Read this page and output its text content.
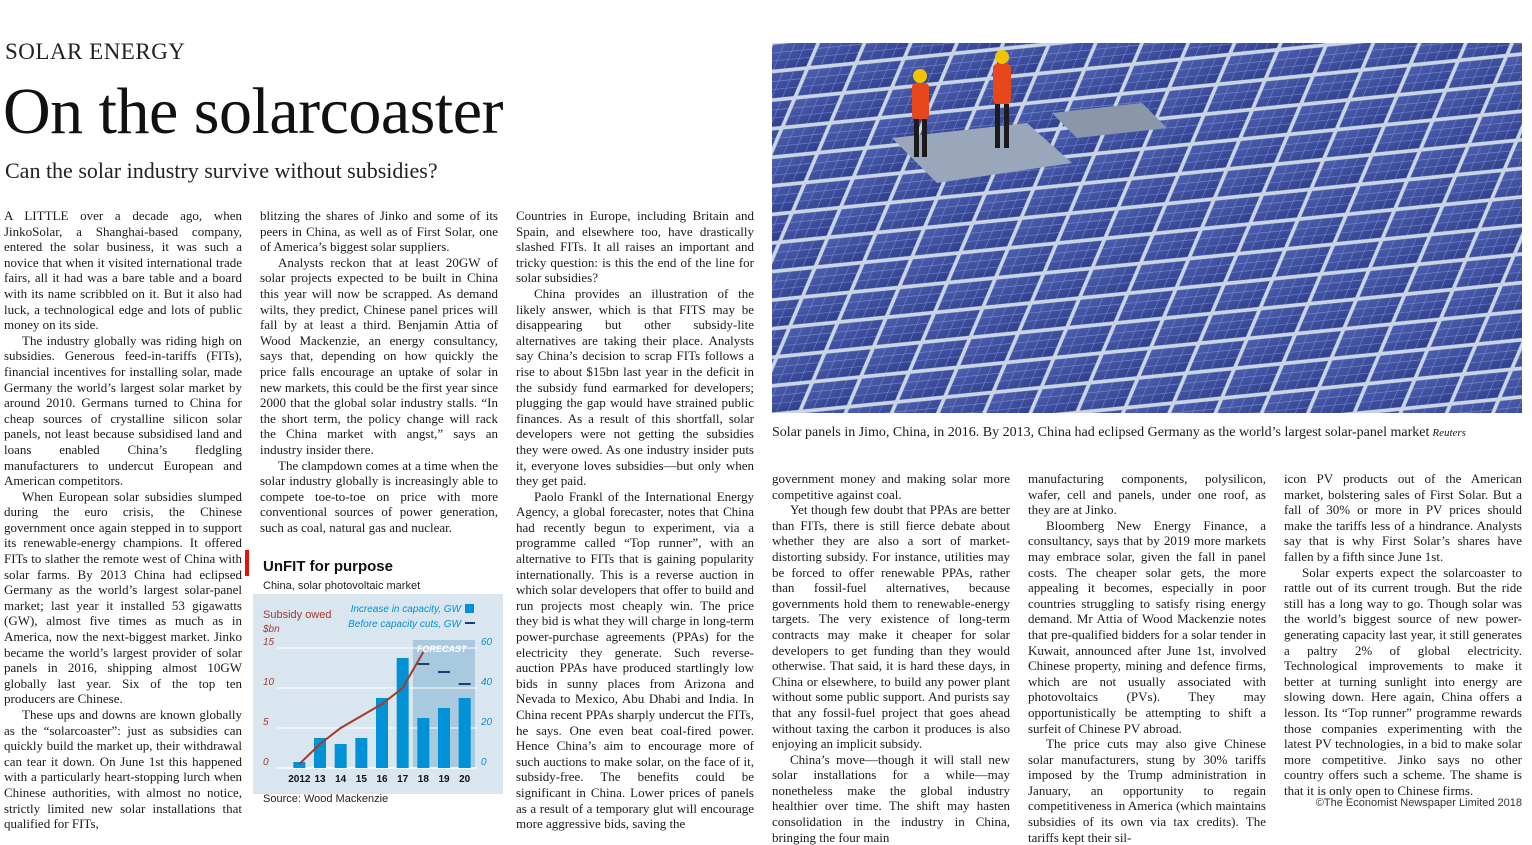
SOLAR ENERGY
On the solarcoaster
Can the solar industry survive without subsidies?

A LITTLE over a decade ago, when JinkoSolar, a Shanghai-based company, entered the solar business, it was such a novice that when it visited international trade fairs, all it had was a bare table and a board with its name scribbled on it. But it also had luck, a technological edge and lots of public money on its side.

The industry globally was riding high on subsidies. Generous feed-in-tariffs (FITs), financial incentives for installing solar, made Germany the world’s largest solar market by around 2010. Germans turned to China for cheap sources of crystalline silicon solar panels, not least because subsidised land and loans enabled China’s fledgling manufacturers to undercut European and American competitors.

When European solar subsidies slumped during the euro crisis, the Chinese government once again stepped in to support its renewable-energy champions. It offered FITs to slather the remote west of China with solar farms. By 2013 China had eclipsed Germany as the world’s largest solar-panel market; last year it installed 53 gigawatts (GW), almost five times as much as in America, now the next-biggest market. Jinko became the world’s largest provider of solar panels in 2016, shipping almost 10GW globally last year. Six of the top ten producers are Chinese.

These ups and downs are known globally as the “solarcoaster”: just as subsidies can quickly build the market up, their withdrawal can tear it down. On June 1st this happened with a particularly heart-stopping lurch when Chinese authorities, with almost no notice, strictly limited new solar installations that qualified for FITs,

blitzing the shares of Jinko and some of its peers in China, as well as of First Solar, one of America’s biggest solar suppliers.

Analysts reckon that at least 20GW of solar projects expected to be built in China this year will now be scrapped. As demand wilts, they predict, Chinese panel prices will fall by at least a third. Benjamin Attia of Wood Mackenzie, an energy consultancy, says that, depending on how quickly the price falls encourage an uptake of solar in new markets, this could be the first year since 2000 that the global solar industry stalls. “In the short term, the policy change will rack the China market with angst,” says an industry insider there.

The clampdown comes at a time when the solar industry globally is increasingly able to compete toe-to-toe on price with more conventional sources of power generation, such as coal, natural gas and nuclear.

Countries in Europe, including Britain and Spain, and elsewhere too, have drastically slashed FITs. It all raises an important and tricky question: is this the end of the line for solar subsidies?

China provides an illustration of the likely answer, which is that FITS may be disappearing but other subsidy-lite alternatives are taking their place. Analysts say China’s decision to scrap FITs follows a rise to about $15bn last year in the deficit in the subsidy fund earmarked for developers; plugging the gap would have strained public finances. As a result of this shortfall, solar developers were not getting the subsidies they were owed. As one industry insider puts it, everyone loves subsidies—but only when they get paid.

Paolo Frankl of the International Energy Agency, a global forecaster, notes that China had recently begun to experiment, via a programme called “Top runner”, with an alternative to FITs that is gaining popularity internationally. This is a reverse auction in which solar developers that offer to build and run projects most cheaply win. The price they bid is what they will charge in long-term power-purchase agreements (PPAs) for the electricity they generate. Such reverse-auction PPAs have produced startlingly low bids in sunny places from Arizona and Nevada to Mexico, Abu Dhabi and India. In China recent PPAs sharply undercut the FITs, he says. One even beat coal-fired power. Hence China’s aim to encourage more of such auctions to make solar, on the face of it, subsidy-free. The benefits could be significant in China. Lower prices of panels as a result of a temporary glut will encourage more aggressive bids, saving the

government money and making solar more competitive against coal.

Yet though few doubt that PPAs are better than FITs, there is still fierce debate about whether they are also a sort of market-distorting subsidy. For instance, utilities may be forced to offer renewable PPAs, rather than fossil-fuel alternatives, because governments hold them to renewable-energy targets. The very existence of long-term contracts may make it cheaper for solar developers to get funding than they would otherwise. That said, it is hard these days, in China or elsewhere, to build any power plant without some public support. And purists say that any fossil-fuel project that goes ahead without taxing the carbon it produces is also enjoying an implicit subsidy.

China’s move—though it will stall new solar installations for a while—may nonetheless make the global industry healthier over time. The shift may hasten consolidation in the industry in China, bringing the four main

manufacturing components, polysilicon, wafer, cell and panels, under one roof, as they are at Jinko.

Bloomberg New Energy Finance, a consultancy, says that by 2019 more markets may embrace solar, given the fall in panel costs. The cheaper solar gets, the more appealing it becomes, especially in poor countries struggling to satisfy rising energy demand. Mr Attia of Wood Mackenzie notes that pre-qualified bidders for a solar tender in Kuwait, announced after June 1st, involved Chinese property, mining and defence firms, which are not usually associated with photovoltaics (PVs). They may opportunistically be attempting to shift a surfeit of Chinese PV abroad.

The price cuts may also give Chinese solar manufacturers, stung by 30% tariffs imposed by the Trump administration in January, an opportunity to regain competitiveness in America (which maintains subsidies of its own via tax credits). The tariffs kept their sil-

icon PV products out of the American market, bolstering sales of First Solar. But a fall of 30% or more in PV prices should make the tariffs less of a hindrance. Analysts say that is why First Solar’s shares have fallen by a fifth since June 1st.

Solar experts expect the solarcoaster to rattle out of its current trough. But the ride still has a long way to go. Though solar was the world’s biggest source of new power-generating capacity last year, it still generates a paltry 2% of global electricity. Technological improvements to make it better at turning sunlight into energy are slowing down. Here again, China offers a lesson. Its “Top runner” programme rewards those companies experimenting with the latest PV technologies, in a bid to make solar more competitive. Jinko says no other country offers such a scheme. The shame is that it is only open to Chinese firms.

Solar panels in Jimo, China, in 2016. By 2013, China had eclipsed Germany as the world’s largest solar-panel market Reuters
UnFIT for purpose
China, solar photovoltaic market
FORECAST
0
5
10
15
0
20
40
60
2012 13 14 15 16 17 18 19 20
Subsidy owed
$bn
Increase in capacity, GW
Before capacity cuts, GW
Source: Wood Mackenzie	©The Economist Newspaper Limited 2018
